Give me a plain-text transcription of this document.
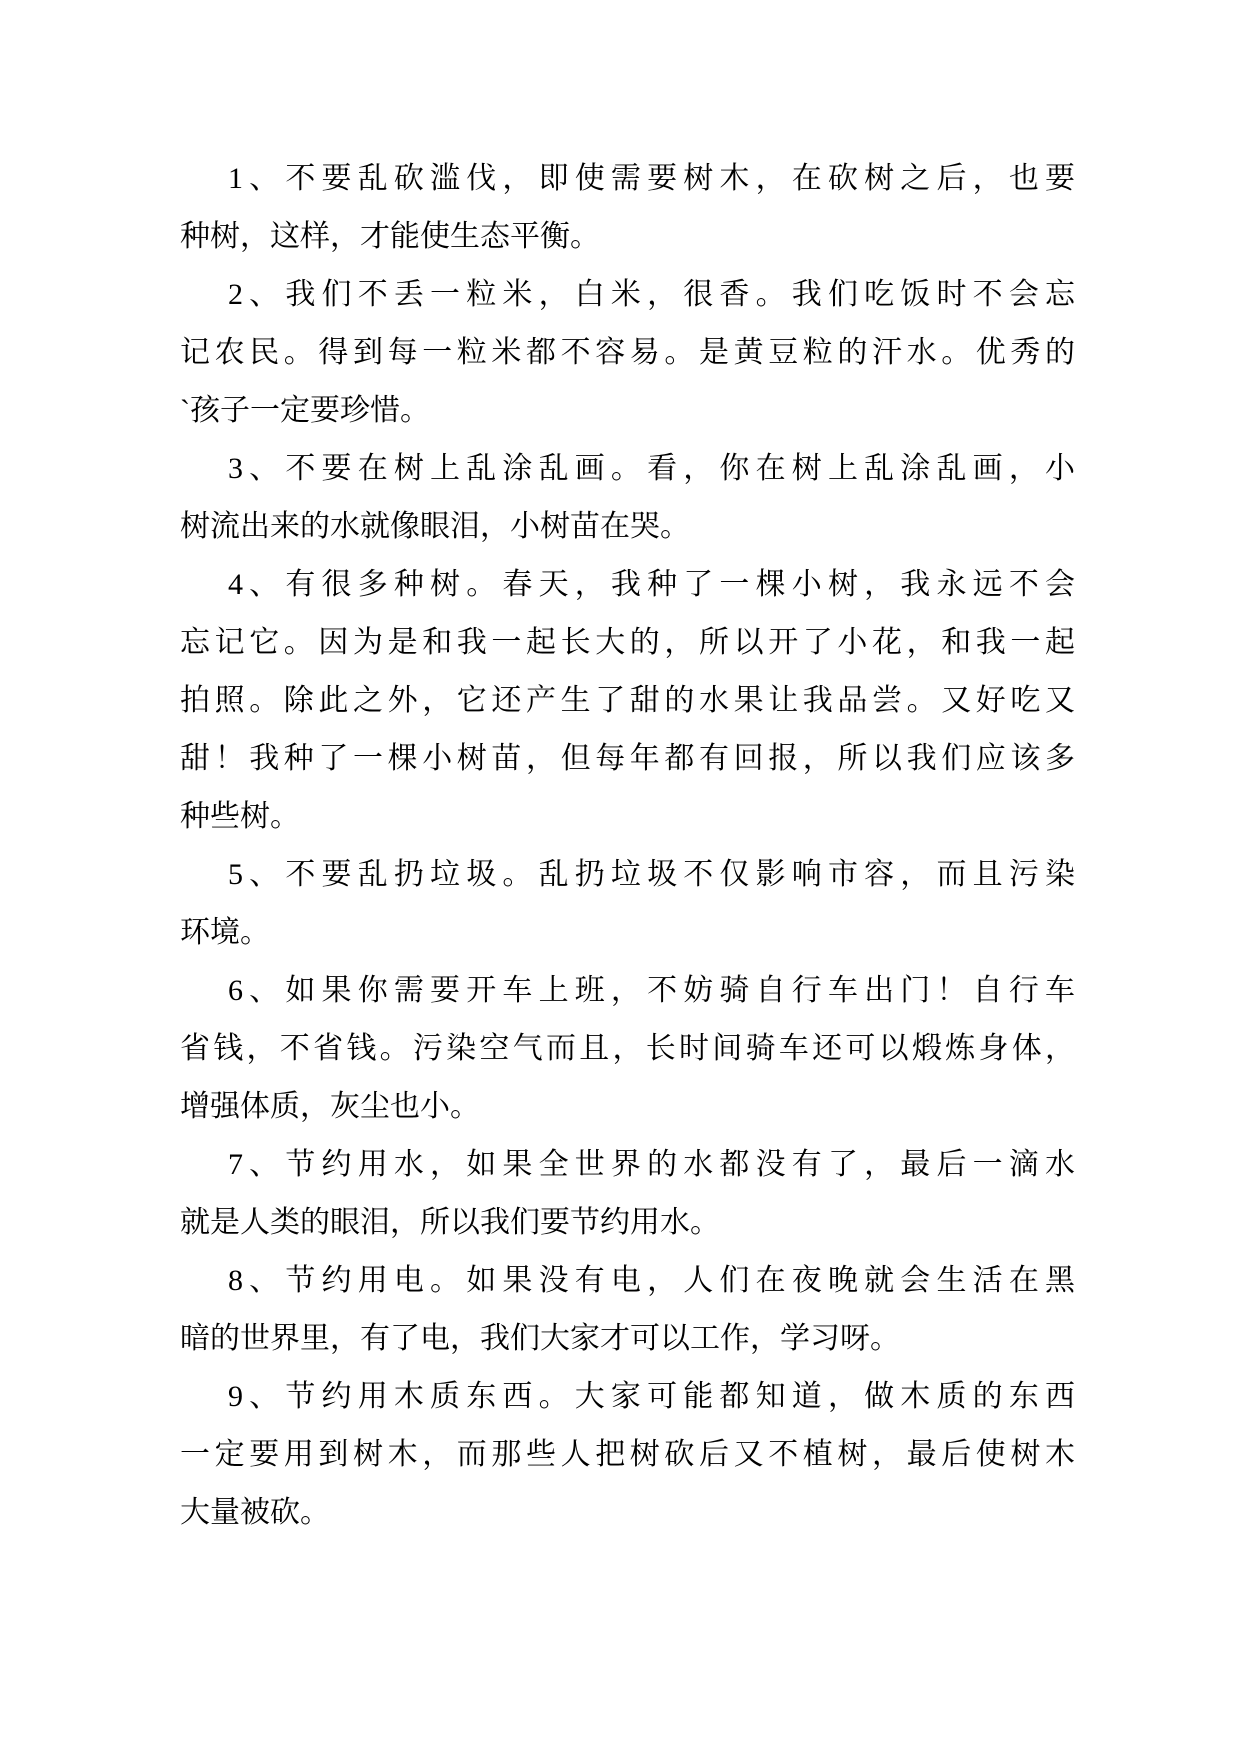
1、不要乱砍滥伐，即使需要树木，在砍树之后，也要
种树，这样，才能使生态平衡。
2、我们不丢一粒米，白米，很香。我们吃饭时不会忘
记农民。得到每一粒米都不容易。是黄豆粒的汗水。优秀的
`孩子一定要珍惜。
3、不要在树上乱涂乱画。看，你在树上乱涂乱画，小
树流出来的水就像眼泪，小树苗在哭。
4、有很多种树。春天，我种了一棵小树，我永远不会
忘记它。因为是和我一起长大的，所以开了小花，和我一起
拍照。除此之外，它还产生了甜的水果让我品尝。又好吃又
甜！我种了一棵小树苗，但每年都有回报，所以我们应该多
种些树。
5、不要乱扔垃圾。乱扔垃圾不仅影响市容，而且污染
环境。
6、如果你需要开车上班，不妨骑自行车出门！自行车
省钱，不省钱。污染空气而且，长时间骑车还可以煅炼身体，
增强体质，灰尘也小。
7、节约用水，如果全世界的水都没有了，最后一滴水
就是人类的眼泪，所以我们要节约用水。
8、节约用电。如果没有电，人们在夜晚就会生活在黑
暗的世界里，有了电，我们大家才可以工作，学习呀。
9、节约用木质东西。大家可能都知道，做木质的东西
一定要用到树木，而那些人把树砍后又不植树，最后使树木
大量被砍。
